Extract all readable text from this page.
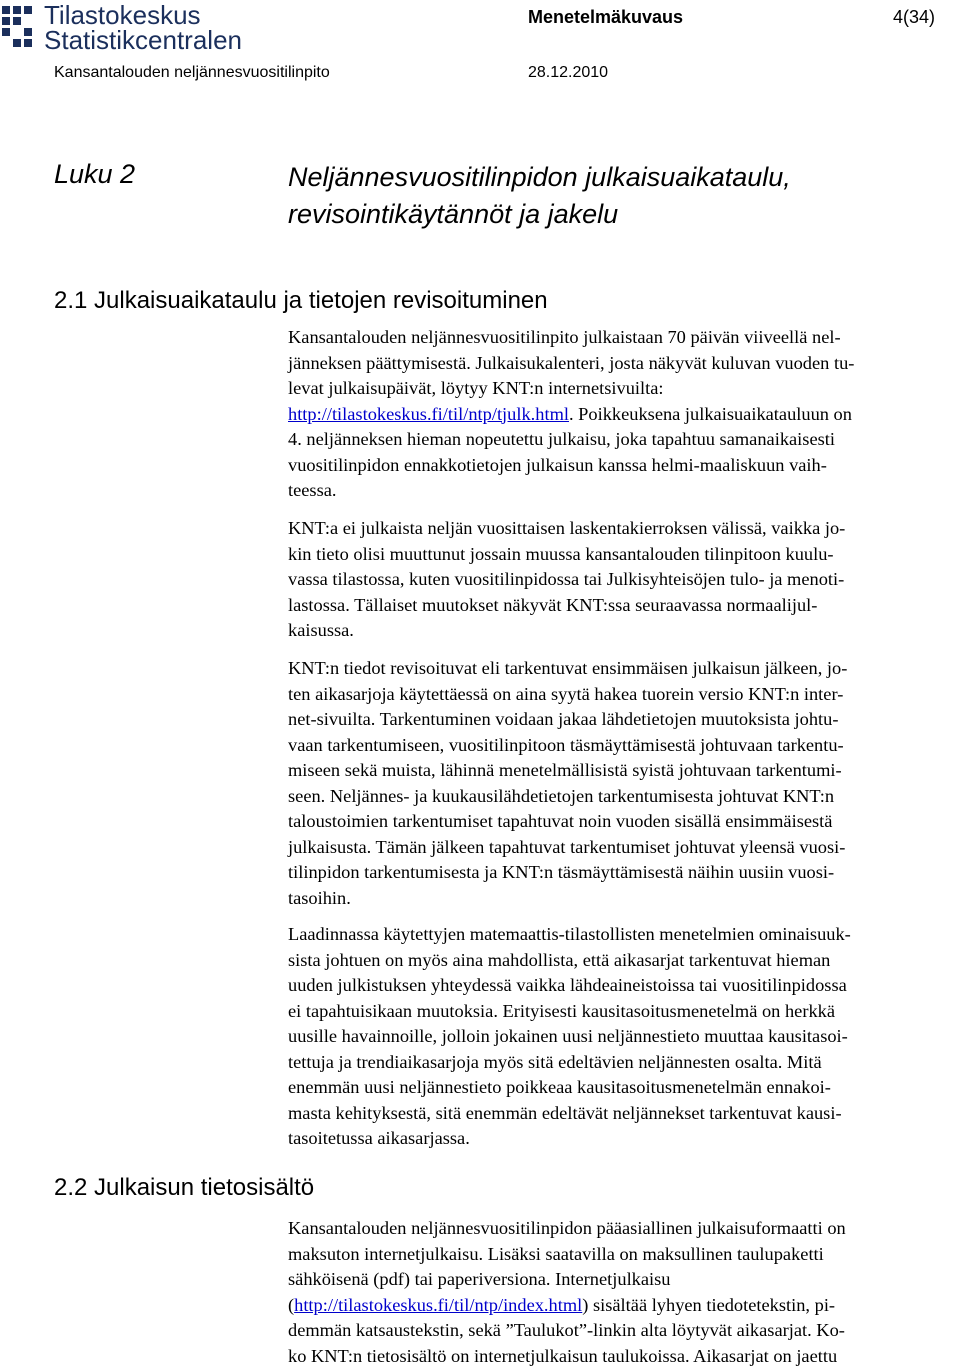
Tilastokeskus
Statistikcentralen
Menetelmäkuvaus	4(34)
Kansantalouden neljännesvuositilinpito	28.12.2010
Luku 2	Neljännesvuositilinpidon julkaisuaikataulu,
revisointikäytännöt ja jakelu
2.1 Julkaisuaikataulu ja tietojen revisoituminen
2.2 Julkaisun tietosisältö
Kansantalouden neljännesvuositilinpito julkaistaan 70 päivän viiveellä nel-
jänneksen päättymisestä. Julkaisukalenteri, josta näkyvät kuluvan vuoden tu-
levat julkaisupäivät, löytyy KNT:n internetsivuilta:
http://tilastokeskus.fi/til/ntp/tjulk.html. Poikkeuksena julkaisuaikatauluun on
4. neljänneksen hieman nopeutettu julkaisu, joka tapahtuu samanaikaisesti
vuositilinpidon ennakkotietojen julkaisun kanssa helmi-maaliskuun vaih-
teessa.
KNT:a ei julkaista neljän vuosittaisen laskentakierroksen välissä, vaikka jo-
kin tieto olisi muuttunut jossain muussa kansantalouden tilinpitoon kuulu-
vassa tilastossa, kuten vuositilinpidossa tai Julkisyhteisöjen tulo- ja menoti-
lastossa. Tällaiset muutokset näkyvät KNT:ssa seuraavassa normaalijul-
kaisussa.
KNT:n tiedot revisoituvat eli tarkentuvat ensimmäisen julkaisun jälkeen, jo-
ten aikasarjoja käytettäessä on aina syytä hakea tuorein versio KNT:n inter-
net-sivuilta. Tarkentuminen voidaan jakaa lähdetietojen muutoksista johtu-
vaan tarkentumiseen, vuositilinpitoon täsmäyttämisestä johtuvaan tarkentu-
miseen sekä muista, lähinnä menetelmällisistä syistä johtuvaan tarkentumi-
seen. Neljännes- ja kuukausilähdetietojen tarkentumisesta johtuvat KNT:n
taloustoimien tarkentumiset tapahtuvat noin vuoden sisällä ensimmäisestä
julkaisusta. Tämän jälkeen tapahtuvat tarkentumiset johtuvat yleensä vuosi-
tilinpidon tarkentumisesta ja KNT:n täsmäyttämisestä näihin uusiin vuosi-
tasoihin.
Laadinnassa käytettyjen matemaattis-tilastollisten menetelmien ominaisuuk-
sista johtuen on myös aina mahdollista, että aikasarjat tarkentuvat hieman
uuden julkistuksen yhteydessä vaikka lähdeaineistoissa tai vuositilinpidossa
ei tapahtuisikaan muutoksia. Erityisesti kausitasoitusmenetelmä on herkkä
uusille havainnoille, jolloin jokainen uusi neljännestieto muuttaa kausitasoi-
tettuja ja trendiaikasarjoja myös sitä edeltävien neljännesten osalta. Mitä
enemmän uusi neljännestieto poikkeaa kausitasoitusmenetelmän ennakoi-
masta kehityksestä, sitä enemmän edeltävät neljännekset tarkentuvat kausi-
tasoitetussa aikasarjassa.
Kansantalouden neljännesvuositilinpidon pääasiallinen julkaisuformaatti on
maksuton internetjulkaisu. Lisäksi saatavilla on maksullinen taulupaketti
sähköisenä (pdf) tai paperiversiona. Internetjulkaisu
(http://tilastokeskus.fi/til/ntp/index.html) sisältää lyhyen tiedotetekstin, pi-
demmän katsaustekstin, sekä ”Taulukot”-linkin alta löytyvät aikasarjat. Ko-
ko KNT:n tietosisältö on internetjulkaisun taulukoissa. Aikasarjat on jaettu
